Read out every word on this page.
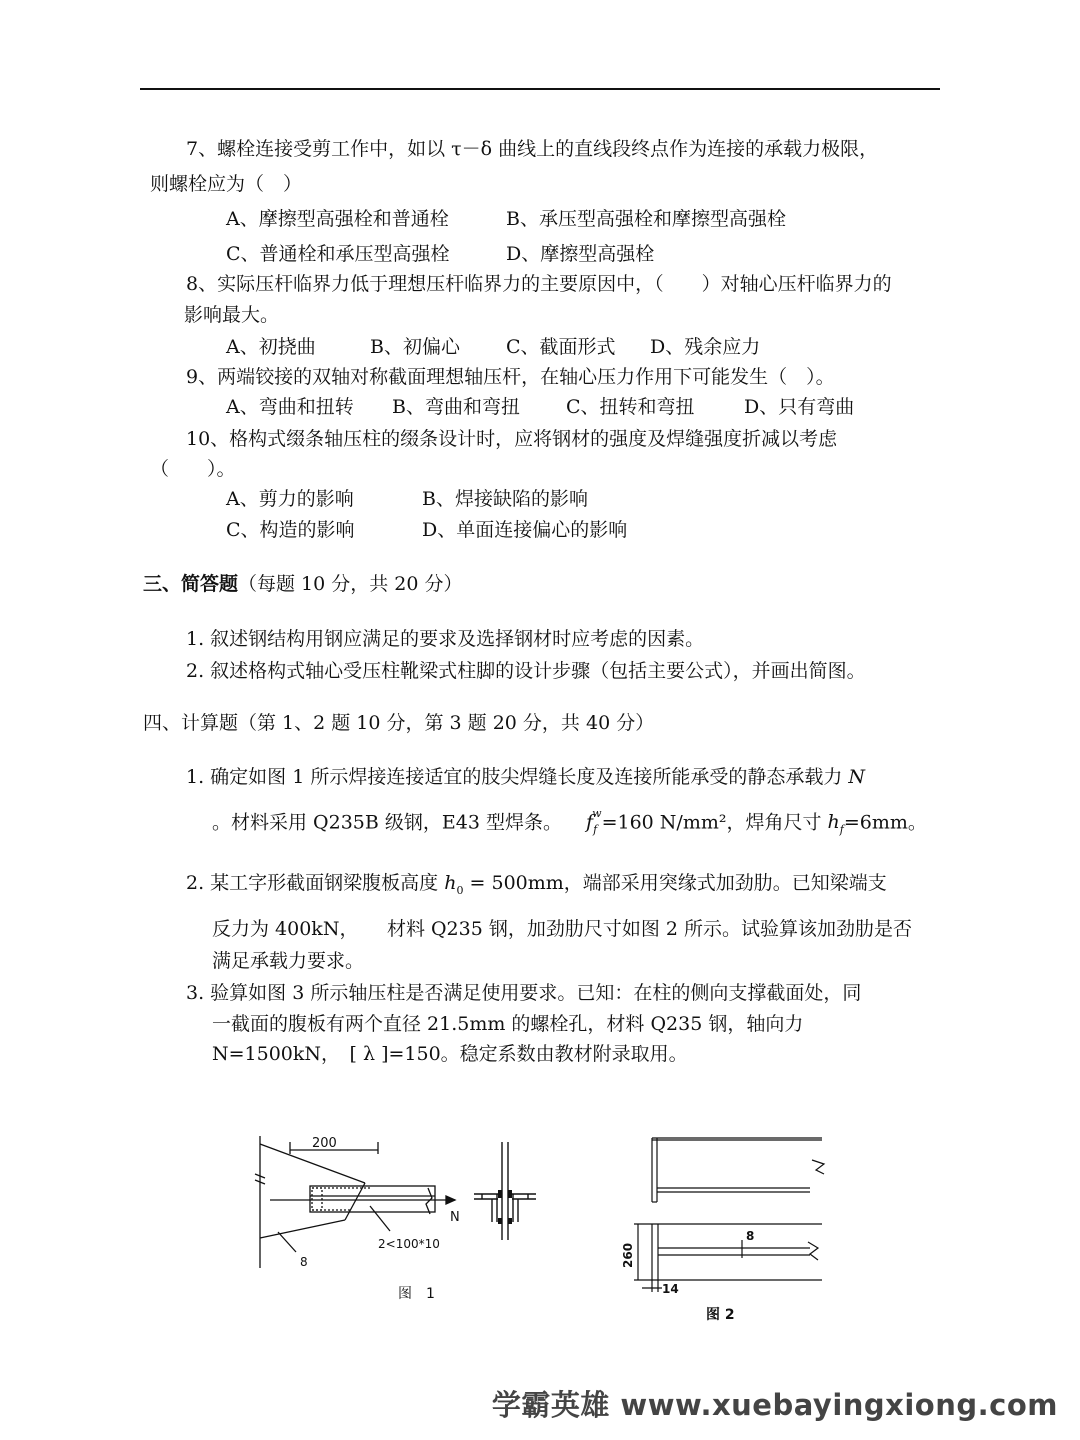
7、螺栓连接受剪工作中，如以 τ－δ 曲线上的直线段终点作为连接的承载力极限，
则螺栓应为（　）
A、摩擦型高强栓和普通栓	B、承压型高强栓和摩擦型高强栓
C、普通栓和承压型高强栓	D、摩擦型高强栓
8、实际压杆临界力低于理想压杆临界力的主要原因中，（　　）对轴心压杆临界力的
影响最大。
A、初挠曲	B、初偏心 C、截面形式 D、残余应力
9、两端铰接的双轴对称截面理想轴压杆，在轴心压力作用下可能发生（　）。
A、弯曲和扭转 B、弯曲和弯扭 C、扭转和弯扭	D、只有弯曲
10、格构式缀条轴压柱的缀条设计时，应将钢材的强度及焊缝强度折减以考虑
（　　）。
A、剪力的影响	B、焊接缺陷的影响
C、构造的影响	D、单面连接偏心的影响
三、简答题（每题 10 分，共 20 分）
1. 叙述钢结构用钢应满足的要求及选择钢材时应考虑的因素。
2. 叙述格构式轴心受压柱靴梁式柱脚的设计步骤（包括主要公式），并画出简图。
四、计算题（第 1、2 题 10 分，第 3 题 20 分，共 40 分）
1. 确定如图 1 所示焊接连接适宜的肢尖焊缝长度及连接所能承受的静态承载力 N
。材料采用 Q235B 级钢，E43 型焊条。 $f_f^w=160$ N/mm²，焊角尺寸 $h_f=6mm$。
2. 某工字形截面钢梁腹板高度 $h_0 = 500mm$，端部采用突缘式加劲肋。已知梁端支
反力为 400kN，　　材料 Q235 钢，加劲肋尺寸如图 2 所示。试验算该加劲肋是否
满足承载力要求。
3. 验算如图 3 所示轴压柱是否满足使用要求。已知：在柱的侧向支撑截面处，同
一截面的腹板有两个直径 21.5mm 的螺栓孔，材料 Q235 钢，轴向力
N=1500kN，　[ λ ]=150。稳定系数由教材附录取用。
200
N
2<100*10
8
图　1
260
8
14
图 2
学霸英雄 www.xuebayingxiong.com
